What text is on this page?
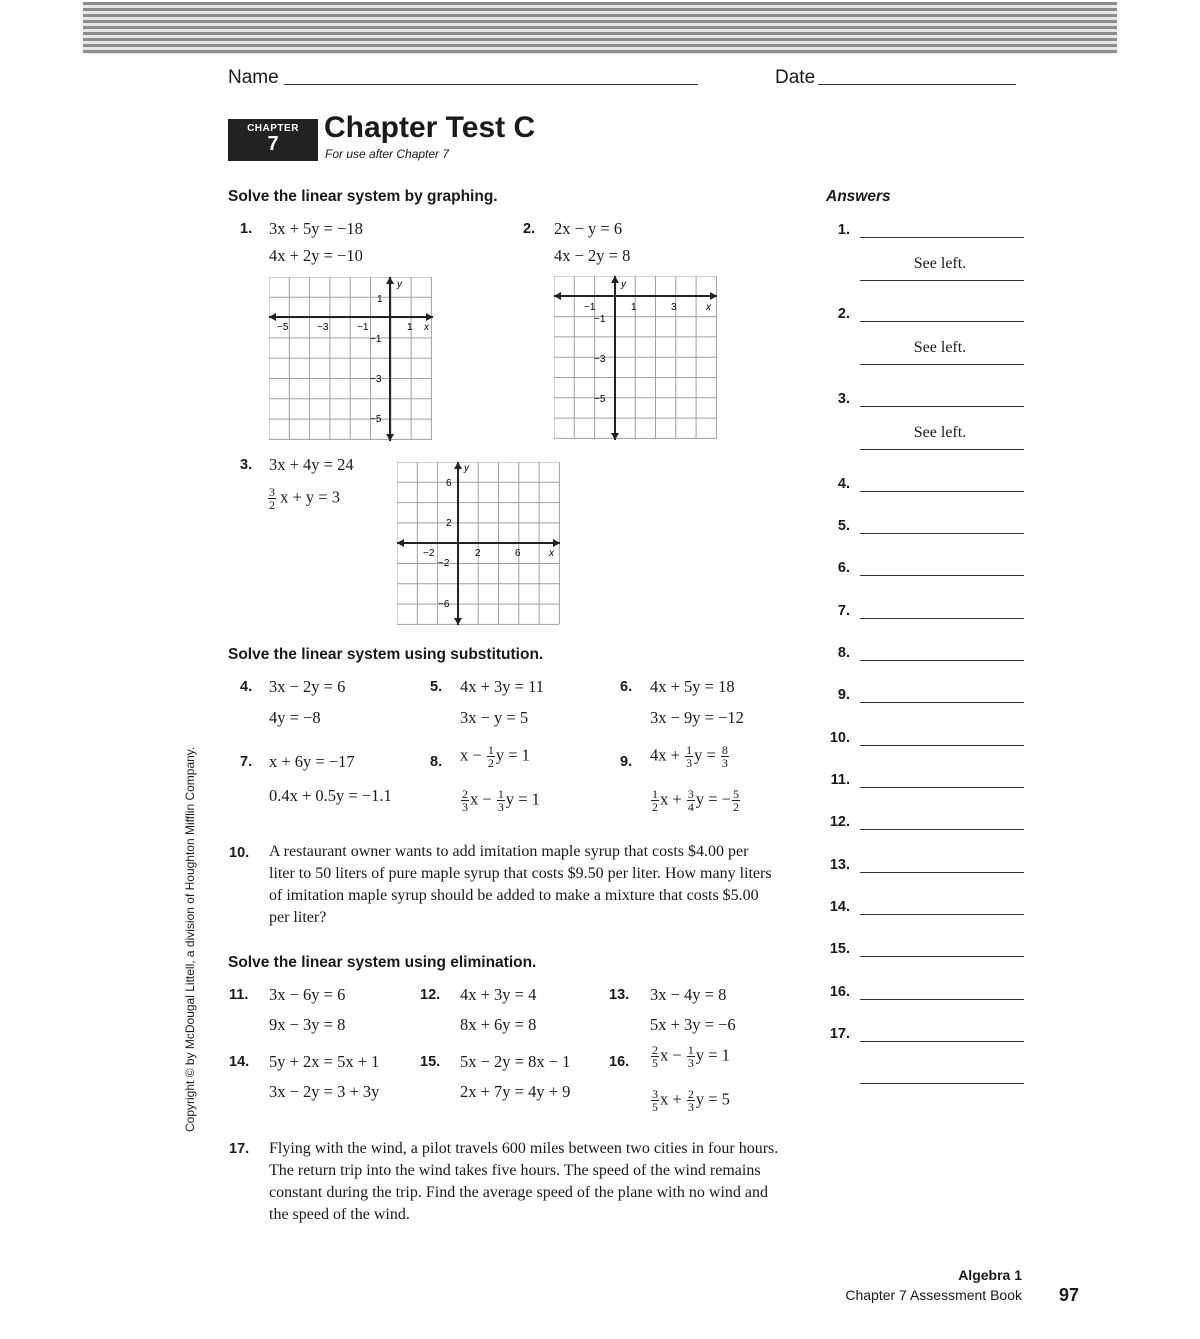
Name	Date
CHAPTER
7	Chapter Test C
For use after Chapter 7
Solve the linear system by graphing.
1. 3x + 5y = −18
4x + 2y = −10
2. 2x − y = 6
4x − 2y = 8
x
y
−5	−3	−1	1
1
−1
−3
−5
x
y
−1	1	3
−1
−3
−5
3. 3x + 4y = 24
$\frac{3}{2}$ x + y = 3
x
y
−2	2	6
6
2
−2
−6
Solve the linear system using substitution.
4. 3x − 2y = 6
4y = −8
5. 4x + 3y = 11
3x − y = 5
6. 4x + 5y = 18
3x − 9y = −12
7. x + 6y = −17
0.4x + 0.5y = −1.1
8. $x - \frac{1}{2}$ y = 1
$\frac{2}{3}$ $x - \frac{1}{3}$ y = 1
9. $4x + \frac{1}{3}$ $y = \frac{8}{3}$
$\frac{1}{2}$ $x + \frac{3}{4}$ y = − $\frac{5}{2}$
10. A restaurant owner wants to add imitation maple syrup that costs $4.00 per liter to 50 liters of pure maple syrup that costs $9.50 per liter. How many liters of imitation maple syrup should be added to make a mixture that costs $5.00 per liter?
Solve the linear system using elimination.
11. 3x − 6y = 6
9x − 3y = 8
12. 4x + 3y = 4
8x + 6y = 8
13. 3x − 4y = 8
5x + 3y = −6
14. 5y + 2x = 5x + 1
3x − 2y = 3 + 3y
15. 5x − 2y = 8x − 1
2x + 7y = 4y + 9
16. $\frac{2}{5}$ $x - \frac{1}{3}$ y = 1
$\frac{3}{5}$ $x + \frac{2}{3}$ y = 5
17. Flying with the wind, a pilot travels 600 miles between two cities in four hours. The return trip into the wind takes five hours. The speed of the wind remains constant during the trip. Find the average speed of the plane with no wind and the speed of the wind.
Answers
1.
See left.
2.
See left.
3.
See left.
4.
5.
6.
7.
8.
9.
10.
11.
12.
13.
14.
15.
16.
17.
Copyright © by McDougal Littell, a division of Houghton Mifflin Company.
Algebra 1
Chapter 7 Assessment Book 97
